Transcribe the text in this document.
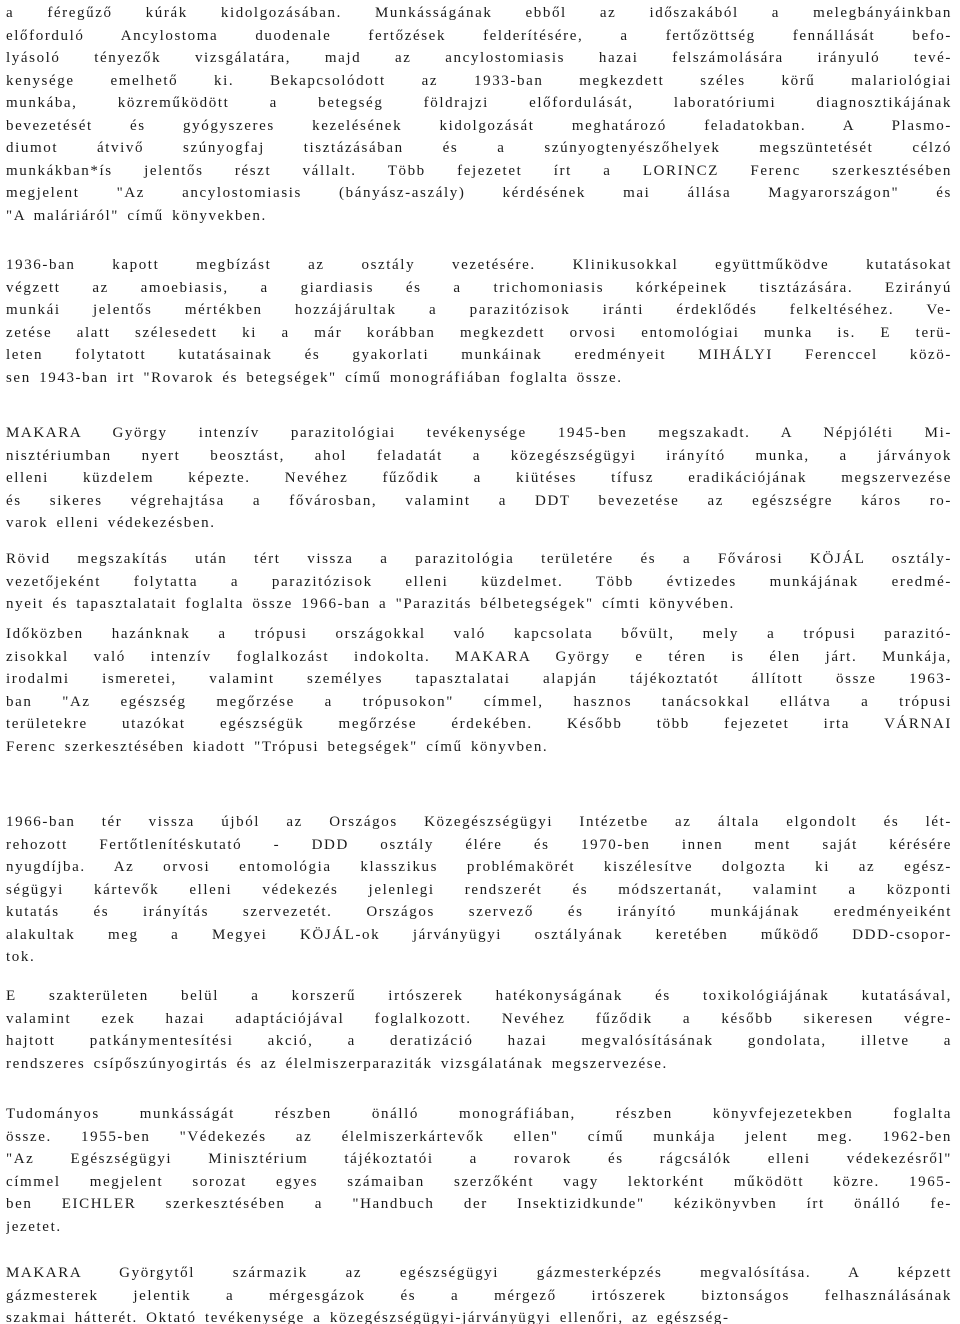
a féregűző kúrák kidolgozásában. Munkásságának ebből az időszakából a melegbányáinkban
előforduló Ancylostoma duodenale fertőzések felderítésére, a fertőzöttség fennállását befo-
lyásoló tényezők vizsgálatára, majd az ancylostomiasis hazai felszámolására irányuló tevé-
kenysége emelhető ki. Bekapcsolódott az 1933-ban megkezdett széles körű malariológiai
munkába, közreműködött a betegség földrajzi előfordulását, laboratóriumi diagnosztikájának
bevezetését és gyógyszeres kezelésének kidolgozását meghatározó feladatokban. A Plasmo-
diumot átvivő szúnyogfaj tisztázásában és a szúnyogtenyészőhelyek megszüntetését célzó
munkákban*ís jelentős részt vállalt. Több fejezetet írt a LORINCZ Ferenc szerkesztésében
megjelent "Az ancylostomiasis (bányász-aszály) kérdésének mai állása Magyarországon" és
"A maláriáról" című könyvekben.
1936-ban kapott megbízást az osztály vezetésére. Klinikusokkal együttműködve kutatásokat
végzett az amoebiasis, a giardiasis és a trichomoniasis kórképeinek tisztázására. Ezirányú
munkái jelentős mértékben hozzájárultak a parazitózisok iránti érdeklődés felkeltéséhez. Ve-
zetése alatt szélesedett ki a már korábban megkezdett orvosi entomológiai munka is. E terü-
leten folytatott kutatásainak és gyakorlati munkáinak eredményeit MIHÁLYI Ferenccel közö-
sen 1943-ban irt "Rovarok és betegségek" című monográfiában foglalta össze.
MAKARA György intenzív parazitológiai tevékenysége 1945-ben megszakadt. A Népjóléti Mi-
nisztériumban nyert beosztást, ahol feladatát a közegészségügyi irányító munka, a járványok
elleni küzdelem képezte. Nevéhez fűződik a kiütéses tífusz eradikációjának megszervezése
és sikeres végrehajtása a fővárosban, valamint a DDT bevezetése az egészségre káros ro-
varok elleni védekezésben.
Rövid megszakítás után tért vissza a parazitológia területére és a Fővárosi KÖJÁL osztály-
vezetőjeként folytatta a parazitózisok elleni küzdelmet. Több évtizedes munkájának eredmé-
nyeit és tapasztalatait foglalta össze 1966-ban a "Parazitás bélbetegségek" címti könyvében.
Időközben hazánknak a trópusi országokkal való kapcsolata bővült, mely a trópusi parazitó-
zisokkal való intenzív foglalkozást indokolta. MAKARA György e téren is élen járt. Munkája,
irodalmi ismeretei, valamint személyes tapasztalatai alapján tájékoztatót állított össze 1963-
ban "Az egészség megőrzése a trópusokon" címmel, hasznos tanácsokkal ellátva a trópusi
területekre utazókat egészségük megőrzése érdekében. Később több fejezetet irta VÁRNAI
Ferenc szerkesztésében kiadott "Trópusi betegségek" című könyvben.
1966-ban tér vissza újból az Országos Közegészségügyi Intézetbe az általa elgondolt és lét-
rehozott Fertőtlenítéskutató - DDD osztály élére és 1970-ben innen ment saját kérésére
nyugdíjba. Az orvosi entomológia klasszikus problémakörét kiszélesítve dolgozta ki az egész-
ségügyi kártevők elleni védekezés jelenlegi rendszerét és módszertanát, valamint a központi
kutatás és irányítás szervezetét. Országos szervező és irányító munkájának eredményeiként
alakultak meg a Megyei KÖJÁL-ok járványügyi osztályának keretében működő DDD-csopor-
tok.
E szakterületen belül a korszerű irtószerek hatékonyságának és toxikológiájának kutatásával,
valamint ezek hazai adaptációjával foglalkozott. Nevéhez fűződik a később sikeresen végre-
hajtott patkánymentesítési akció, a deratizáció hazai megvalósításának gondolata, illetve a
rendszeres csípőszúnyogirtás és az élelmiszerparaziták vizsgálatának megszervezése.
Tudományos munkásságát részben önálló monográfiában, részben könyvfejezetekben foglalta
össze. 1955-ben "Védekezés az élelmiszerkártevők ellen" című munkája jelent meg. 1962-ben
"Az Egészségügyi Minisztérium tájékoztatói a rovarok és rágcsálók elleni védekezésről"
címmel megjelent sorozat egyes számaiban szerzőként vagy lektorként működött közre. 1965-
ben EICHLER szerkesztésében a "Handbuch der Insektizidkunde" kézikönyvben írt önálló fe-
jezetet.
MAKARA Györgytől származik az egészségügyi gázmesterképzés megvalósítása. A képzett
gázmesterek jelentik a mérgesgázok és a mérgező irtószerek biztonságos felhasználásának
szakmai hátterét. Oktató tevékenysége a közegészségügyi-járványügyi ellenőri, az egészség-
